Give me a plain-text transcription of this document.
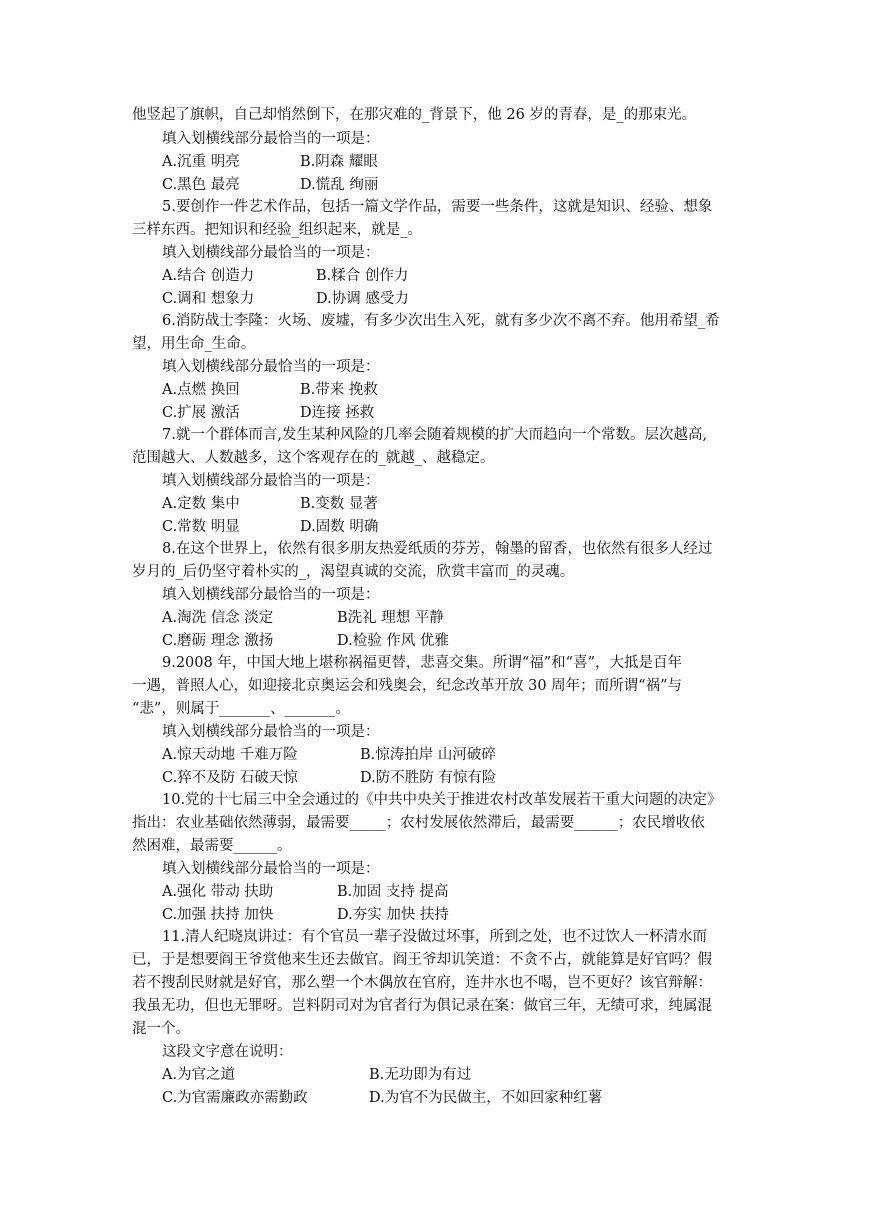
他竖起了旗帜，自己却悄然倒下，在那灾难的_背景下，他 26 岁的青春，是_的那束光。
填入划横线部分最恰当的一项是：
A.沉重 明亮	B.阴森 耀眼
C.黑色 最亮	D.慌乱 绚丽
5.要创作一件艺术作品，包括一篇文学作品，需要一些条件，这就是知识、经验、想象
三样东西。把知识和经验_组织起来，就是_。
填入划横线部分最恰当的一项是：
A.结合 创造力	B.糅合 创作力
C.调和 想象力	D.协调 感受力
6.消防战士李隆：火场、废墟，有多少次出生入死，就有多少次不离不弃。他用希望_希
望，用生命_生命。
填入划横线部分最恰当的一项是：
A.点燃 换回	B.带来 挽救
C.扩展 激活	D连接 拯救
7.就一个群体而言,发生某种风险的几率会随着规模的扩大而趋向一个常数。层次越高,
范围越大、人数越多，这个客观存在的_就越_、越稳定。
填入划横线部分最恰当的一项是：
A.定数 集中	B.变数 显著
C.常数 明显	D.固数 明确
8.在这个世界上，依然有很多朋友热爱纸质的芬芳，翰墨的留香，也依然有很多人经过
岁月的_后仍坚守着朴实的_，渴望真诚的交流，欣赏丰富而_的灵魂。
填入划横线部分最恰当的一项是：
A.淘洗 信念 淡定	B洗礼 理想 平静
C.磨砺 理念 激扬	D.检验 作风 优雅
9.2008 年，中国大地上堪称祸福更替，悲喜交集。所谓“福”和“喜”，大抵是百年
一遇，普照人心，如迎接北京奥运会和残奥会，纪念改革开放 30 周年；而所谓“祸”与
“悲”，则属于_______、_______。
填入划横线部分最恰当的一项是：
A.惊天动地 千难万险	B.惊涛拍岸 山河破碎
C.猝不及防 石破天惊	D.防不胜防 有惊有险
10.党的十七届三中全会通过的《中共中央关于推进农村改革发展若干重大问题的决定》
指出：农业基础依然薄弱，最需要_____；农村发展依然滞后，最需要______；农民增收依
然困难，最需要______。
填入划横线部分最恰当的一项是：
A.强化 带动 扶助	B.加固 支持 提高
C.加强 扶持 加快	D.夯实 加快 扶持
11.清人纪晓岚讲过：有个官员一辈子没做过坏事，所到之处，也不过饮人一杯清水而
已，于是想要阎王爷赏他来生还去做官。阎王爷却讥笑道：不贪不占，就能算是好官吗？假
若不搜刮民财就是好官，那么塑一个木偶放在官府，连井水也不喝，岂不更好？该官辩解：
我虽无功，但也无罪呀。岂料阴司对为官者行为俱记录在案：做官三年，无绩可求，纯属混
混一个。
这段文字意在说明：
A.为官之道	B.无功即为有过
C.为官需廉政亦需勤政	D.为官不为民做主，不如回家种红薯
